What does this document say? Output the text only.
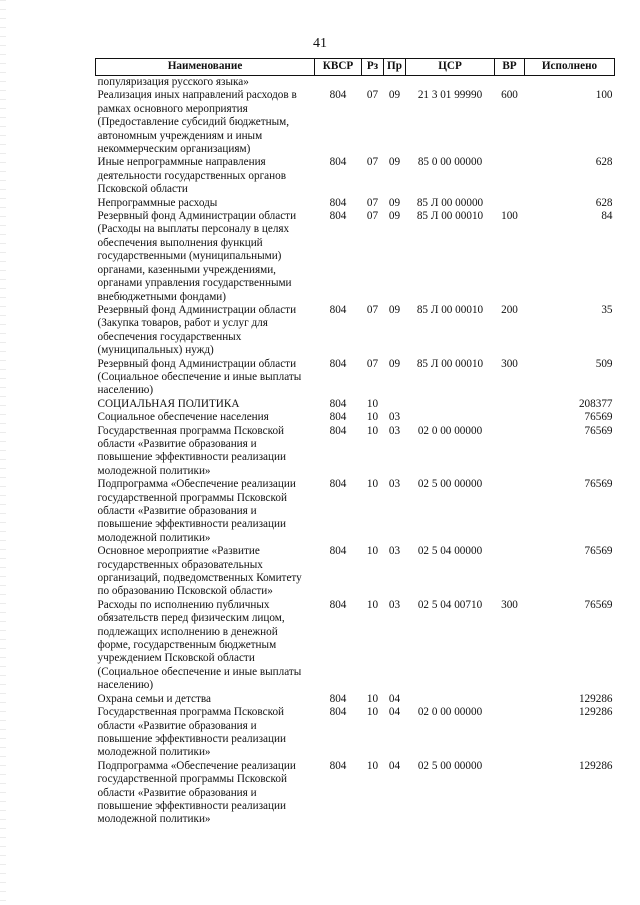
41
Наименование	КВСР	Рз	Пр	ЦСР	ВР	Исполнено
популяризация русского языка»						
Реализация иных направлений расходов в рамках основного мероприятия (Предоставление субсидий бюджетным, автономным учреждениям и иным некоммерческим организациям)	804	07	09	21 3 01 99990	600	100
Иные непрограммные направления деятельности государственных органов Псковской области	804	07	09	85 0 00 00000		628
Непрограммные расходы	804	07	09	85 Л 00 00000		628
Резервный фонд Администрации области (Расходы на выплаты персоналу в целях обеспечения выполнения функций государственными (муниципальными) органами, казенными учреждениями, органами управления государственными внебюджетными фондами)	804	07	09	85 Л 00 00010	100	84
Резервный фонд Администрации области (Закупка товаров, работ и услуг для обеспечения государственных (муниципальных) нужд)	804	07	09	85 Л 00 00010	200	35
Резервный фонд Администрации области (Социальное обеспечение и иные выплаты населению)	804	07	09	85 Л 00 00010	300	509
СОЦИАЛЬНАЯ ПОЛИТИКА	804	10				208377
Социальное обеспечение населения	804	10	03			76569
Государственная программа Псковской области «Развитие образования и повышение эффективности реализации молодежной политики»	804	10	03	02 0 00 00000		76569
Подпрограмма «Обеспечение реализации государственной программы Псковской области «Развитие образования и повышение эффективности реализации молодежной политики»	804	10	03	02 5 00 00000		76569
Основное мероприятие «Развитие государственных образовательных организаций, подведомственных Комитету по образованию Псковской области»	804	10	03	02 5 04 00000		76569
Расходы по исполнению публичных обязательств перед физическим лицом, подлежащих исполнению в денежной форме, государственным бюджетным учреждением Псковской области (Социальное обеспечение и иные выплаты населению)	804	10	03	02 5 04 00710	300	76569
Охрана семьи и детства	804	10	04			129286
Государственная программа Псковской области «Развитие образования и повышение эффективности реализации молодежной политики»	804	10	04	02 0 00 00000		129286
Подпрограмма «Обеспечение реализации государственной программы Псковской области «Развитие образования и повышение эффективности реализации молодежной политики»	804	10	04	02 5 00 00000		129286
